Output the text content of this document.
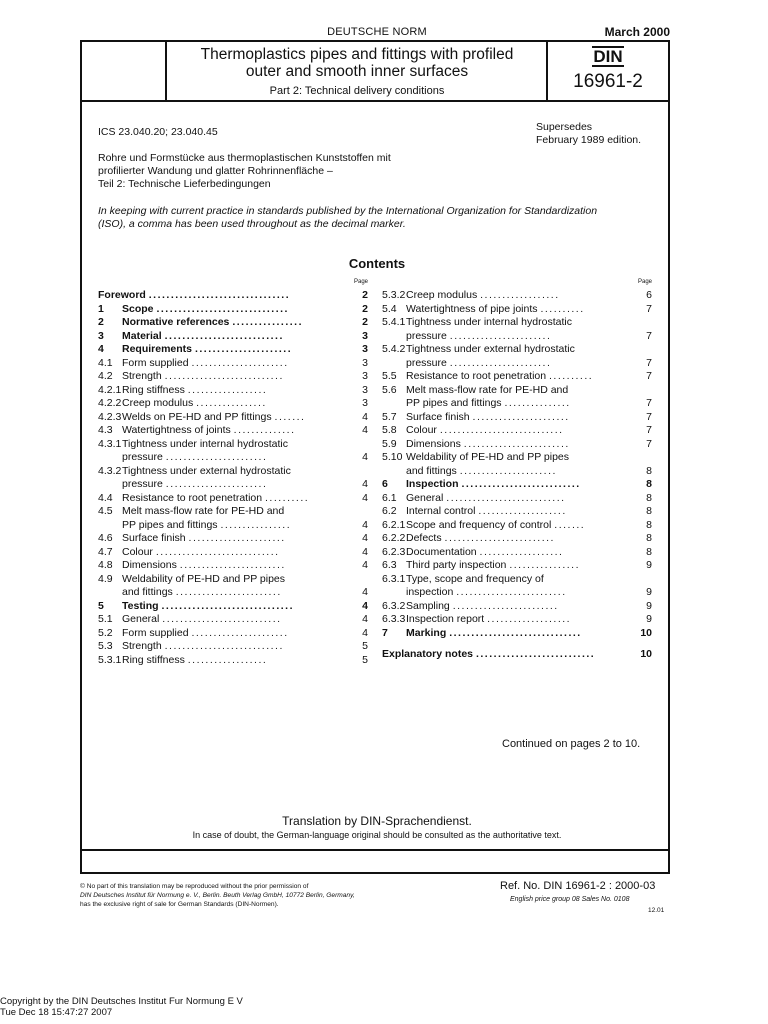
DEUTSCHE NORM	March 2000
Thermoplastics pipes and fittings with profiled
outer and smooth inner surfaces
Part 2: Technical delivery conditions
DIN
16961-2
ICS 23.040.20; 23.040.45	Supersedes
February 1989 edition.
Rohre und Formstücke aus thermoplastischen Kunststoffen mit
profilierter Wandung und glatter Rohrinnenfläche –
Teil 2: Technische Lieferbedingungen
In keeping with current practice in standards published by the International Organization for Standardization
(ISO), a comma has been used throughout as the decimal marker.
Contents
Page
Foreword ................................	2
1 Scope ..............................	2
2 Normative references ................	2
3 Material ...........................	3
4 Requirements ......................	3
4.1 Form supplied ......................	3
4.2 Strength ...........................	3
4.2.1 Ring stiffness ..................	3
4.2.2 Creep modulus ................	3
4.2.3 Welds on PE-HD and PP fittings .......	4
4.3 Watertightness of joints ..............	4
4.3.1 Tightness under internal hydrostatic
pressure .......................	4
4.3.2 Tightness under external hydrostatic
pressure .......................	4
4.4 Resistance to root penetration ..........	4
4.5 Melt mass-flow rate for PE-HD and
PP pipes and fittings ................	4
4.6 Surface finish ......................	4
4.7 Colour ............................	4
4.8 Dimensions ........................	4
4.9 Weldability of PE-HD and PP pipes
and fittings ........................	4
5 Testing ..............................	4
5.1 General ...........................	4
5.2 Form supplied ......................	4
5.3 Strength ...........................	5
5.3.1 Ring stiffness ..................	5
Page
5.3.2 Creep modulus ..................	6
5.4 Watertightness of pipe joints ..........	7
5.4.1 Tightness under internal hydrostatic
pressure .......................	7
5.4.2 Tightness under external hydrostatic
pressure .......................	7
5.5 Resistance to root penetration ..........	7
5.6 Melt mass-flow rate for PE-HD and
PP pipes and fittings ...............	7
5.7 Surface finish ......................	7
5.8 Colour ............................	7
5.9 Dimensions ........................	7
5.10 Weldability of PE-HD and PP pipes
and fittings ......................	8
6 Inspection ...........................	8
6.1 General ...........................	8
6.2 Internal control ....................	8
6.2.1 Scope and frequency of control .......	8
6.2.2 Defects .........................	8
6.2.3 Documentation ...................	8
6.3 Third party inspection ................	9
6.3.1 Type, scope and frequency of
inspection .........................	9
6.3.2 Sampling ........................	9
6.3.3 Inspection report ...................	9
7 Marking ..............................	10
Explanatory notes ...........................	10
Continued on pages 2 to 10.
Translation by DIN-Sprachendienst.
In case of doubt, the German-language original should be consulted as the authoritative text.
© No part of this translation may be reproduced without the prior permission of
DIN Deutsches Institut für Normung e. V., Berlin. Beuth Verlag GmbH, 10772 Berlin, Germany,
has the exclusive right of sale for German Standards (DIN-Normen).
Ref. No. DIN 16961-2 : 2000-03
English price group 08 Sales No. 0108
12.01
Copyright by the DIN Deutsches Institut Fur Normung E V
Tue Dec 18 15:47:27 2007
